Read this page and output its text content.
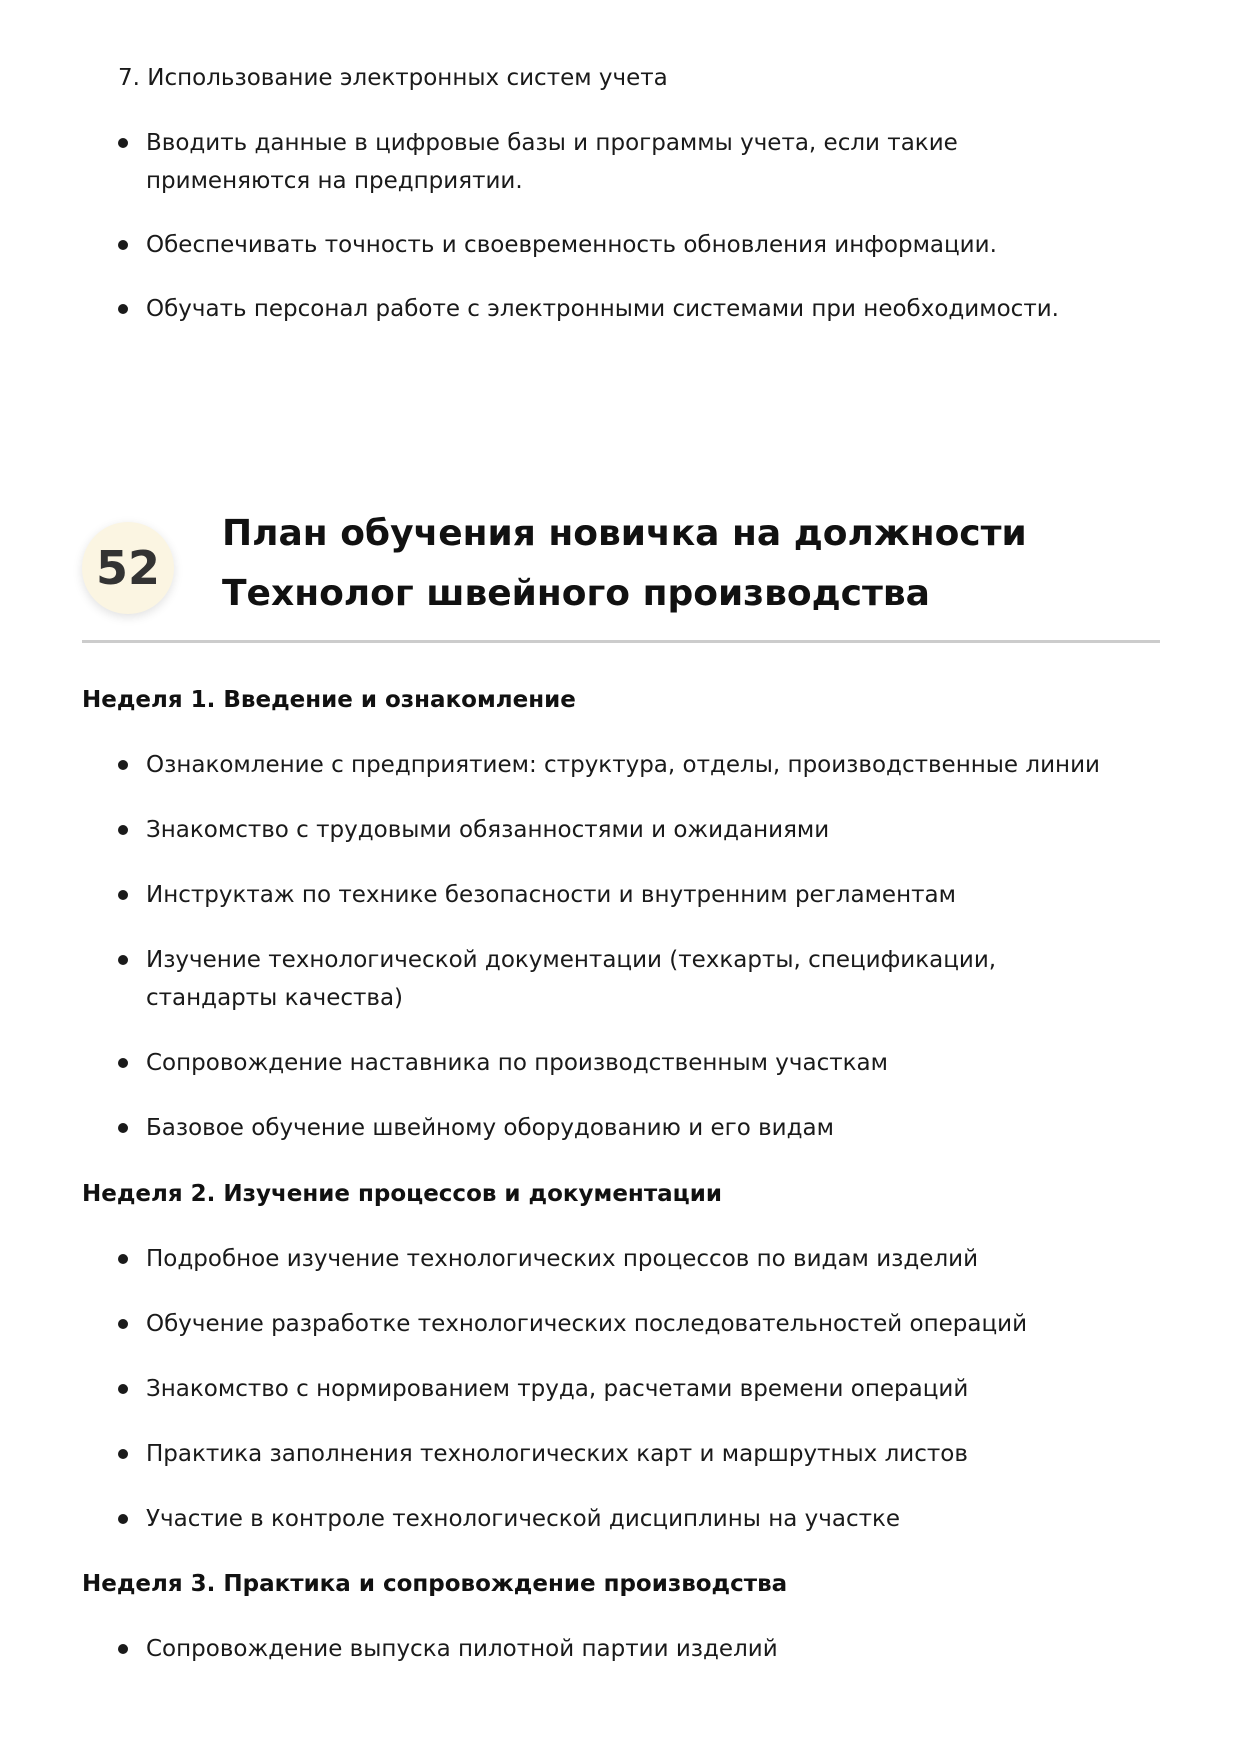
7. Использование электронных систем учета

Вводить данные в цифровые базы и программы учета, если такие применяются на предприятии.
Обеспечивать точность и своевременность обновления информации.
Обучать персонал работе с электронными системами при необходимости.
52
План обучения новичка на должности Технолог швейного производства
Неделя 1. Введение и ознакомление
Ознакомление с предприятием: структура, отделы, производственные линии
Знакомство с трудовыми обязанностями и ожиданиями
Инструктаж по технике безопасности и внутренним регламентам
Изучение технологической документации (техкарты, спецификации, стандарты качества)
Сопровождение наставника по производственным участкам
Базовое обучение швейному оборудованию и его видам
Неделя 2. Изучение процессов и документации
Подробное изучение технологических процессов по видам изделий
Обучение разработке технологических последовательностей операций
Знакомство с нормированием труда, расчетами времени операций
Практика заполнения технологических карт и маршрутных листов
Участие в контроле технологической дисциплины на участке
Неделя 3. Практика и сопровождение производства
Сопровождение выпуска пилотной партии изделий
